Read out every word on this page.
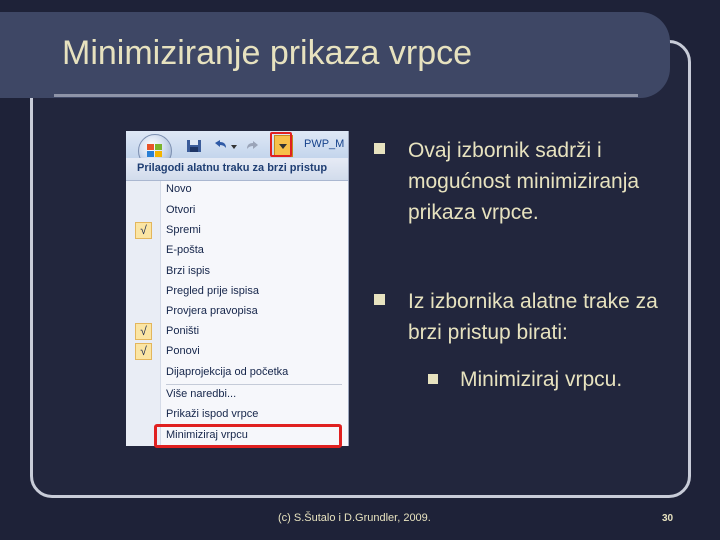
Minimiziranje prikaza vrpce
PWP_M
Prilagodi alatnu traku za brzi pristup
Novo
Otvori
√	Spremi
E-pošta
Brzi ispis
Pregled prije ispisa
Provjera pravopisa
√	Poništi
√	Ponovi
Dijaprojekcija od početka
Više naredbi...
Prikaži ispod vrpce
Minimiziraj vrpcu
Ovaj izbornik sadrži i mogućnost minimiziranja prikaza vrpce.
Iz izbornika alatne trake za brzi pristup birati:
Minimiziraj vrpcu.
(c) S.Šutalo i D.Grundler, 2009.	30
